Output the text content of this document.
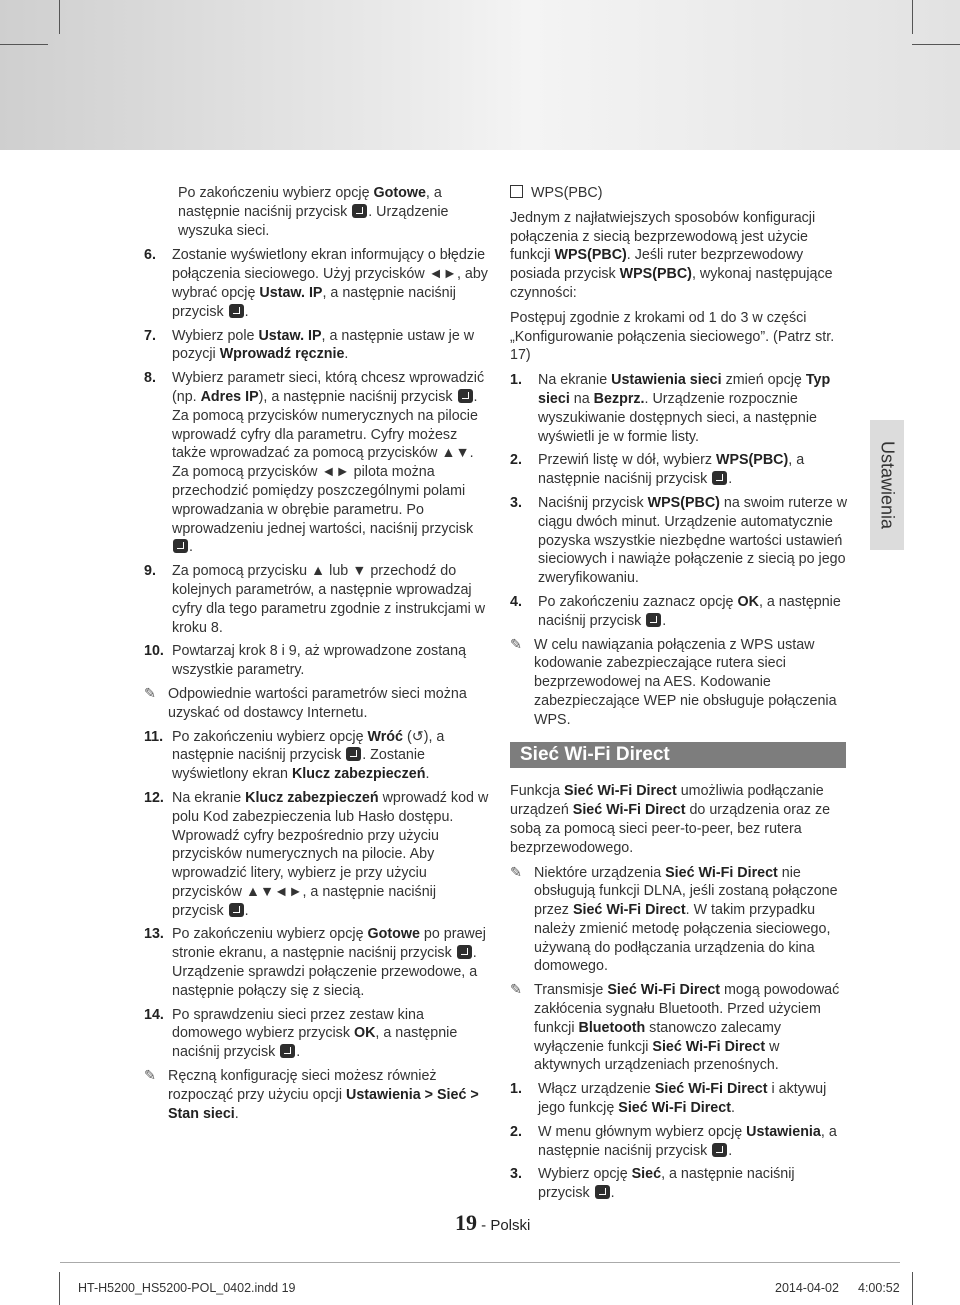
Po zakończeniu wybierz opcję Gotowe, a następnie naciśnij przycisk . Urządzenie wyszuka sieci.
6.	Zostanie wyświetlony ekran informujący o błędzie połączenia sieciowego. Użyj przycisków ◄►, aby wybrać opcję Ustaw. IP, a następnie naciśnij przycisk .
7.	Wybierz pole Ustaw. IP, a następnie ustaw je w pozycji Wprowadź ręcznie.
8.	Wybierz parametr sieci, którą chcesz wprowadzić (np. Adres IP), a następnie naciśnij przycisk . Za pomocą przycisków numerycznych na pilocie wprowadź cyfry dla parametru. Cyfry możesz także wprowadzać za pomocą przycisków ▲▼. Za pomocą przycisków ◄► pilota można przechodzić pomiędzy poszczególnymi polami wprowadzania w obrębie parametru. Po wprowadzeniu jednej wartości, naciśnij przycisk .
9.	Za pomocą przycisku ▲ lub ▼ przechodź do kolejnych parametrów, a następnie wprowadzaj cyfry dla tego parametru zgodnie z instrukcjami w kroku 8.
10. Powtarzaj krok 8 i 9, aż wprowadzone zostaną wszystkie parametry.
✎ Odpowiednie wartości parametrów sieci można uzyskać od dostawcy Internetu.
11. Po zakończeniu wybierz opcję Wróć (↺), a następnie naciśnij przycisk . Zostanie wyświetlony ekran Klucz zabezpieczeń.
12. Na ekranie Klucz zabezpieczeń wprowadź kod w polu Kod zabezpieczenia lub Hasło dostępu. Wprowadź cyfry bezpośrednio przy użyciu przycisków numerycznych na pilocie. Aby wprowadzić litery, wybierz je przy użyciu przycisków ▲▼◄►, a następnie naciśnij przycisk .
13. Po zakończeniu wybierz opcję Gotowe po prawej stronie ekranu, a następnie naciśnij przycisk . Urządzenie sprawdzi połączenie przewodowe, a następnie połączy się z siecią.
14. Po sprawdzeniu sieci przez zestaw kina domowego wybierz przycisk OK, a następnie naciśnij przycisk .
✎ Ręczną konfigurację sieci możesz również rozpocząć przy użyciu opcji Ustawienia > Sieć > Stan sieci.
WPS(PBC)
Jednym z najłatwiejszych sposobów konfiguracji połączenia z siecią bezprzewodową jest użycie funkcji WPS(PBC). Jeśli ruter bezprzewodowy posiada przycisk WPS(PBC), wykonaj następujące czynności:
Postępuj zgodnie z krokami od 1 do 3 w części „Konfigurowanie połączenia sieciowego”. (Patrz str. 17)
1.	Na ekranie Ustawienia sieci zmień opcję Typ sieci na Bezprz.. Urządzenie rozpocznie wyszukiwanie dostępnych sieci, a następnie wyświetli je w formie listy.
2.	Przewiń listę w dół, wybierz WPS(PBC), a następnie naciśnij przycisk .
3.	Naciśnij przycisk WPS(PBC) na swoim ruterze w ciągu dwóch minut. Urządzenie automatycznie pozyska wszystkie niezbędne wartości ustawień sieciowych i nawiąże połączenie z siecią po jego zweryfikowaniu.
4.	Po zakończeniu zaznacz opcję OK, a następnie naciśnij przycisk .
✎ W celu nawiązania połączenia z WPS ustaw kodowanie zabezpieczające rutera sieci bezprzewodowej na AES. Kodowanie zabezpieczające WEP nie obsługuje połączenia WPS.
Sieć Wi-Fi Direct
Funkcja Sieć Wi-Fi Direct umożliwia podłączanie urządzeń Sieć Wi-Fi Direct do urządzenia oraz ze sobą za pomocą sieci peer-to-peer, bez rutera bezprzewodowego.
✎ Niektóre urządzenia Sieć Wi-Fi Direct nie obsługują funkcji DLNA, jeśli zostaną połączone przez Sieć Wi-Fi Direct. W takim przypadku należy zmienić metodę połączenia sieciowego, używaną do podłączania urządzenia do kina domowego.
✎ Transmisje Sieć Wi-Fi Direct mogą powodować zakłócenia sygnału Bluetooth. Przed użyciem funkcji Bluetooth stanowczo zalecamy wyłączenie funkcji Sieć Wi-Fi Direct w aktywnych urządzeniach przenośnych.
1.	Włącz urządzenie Sieć Wi-Fi Direct i aktywuj jego funkcję Sieć Wi-Fi Direct.
2.	W menu głównym wybierz opcję Ustawienia, a następnie naciśnij przycisk .
3.	Wybierz opcję Sieć, a następnie naciśnij przycisk .
Ustawienia
19 - Polski
HT-H5200_HS5200-POL_0402.indd 19	2014-04-02 4:00:52
